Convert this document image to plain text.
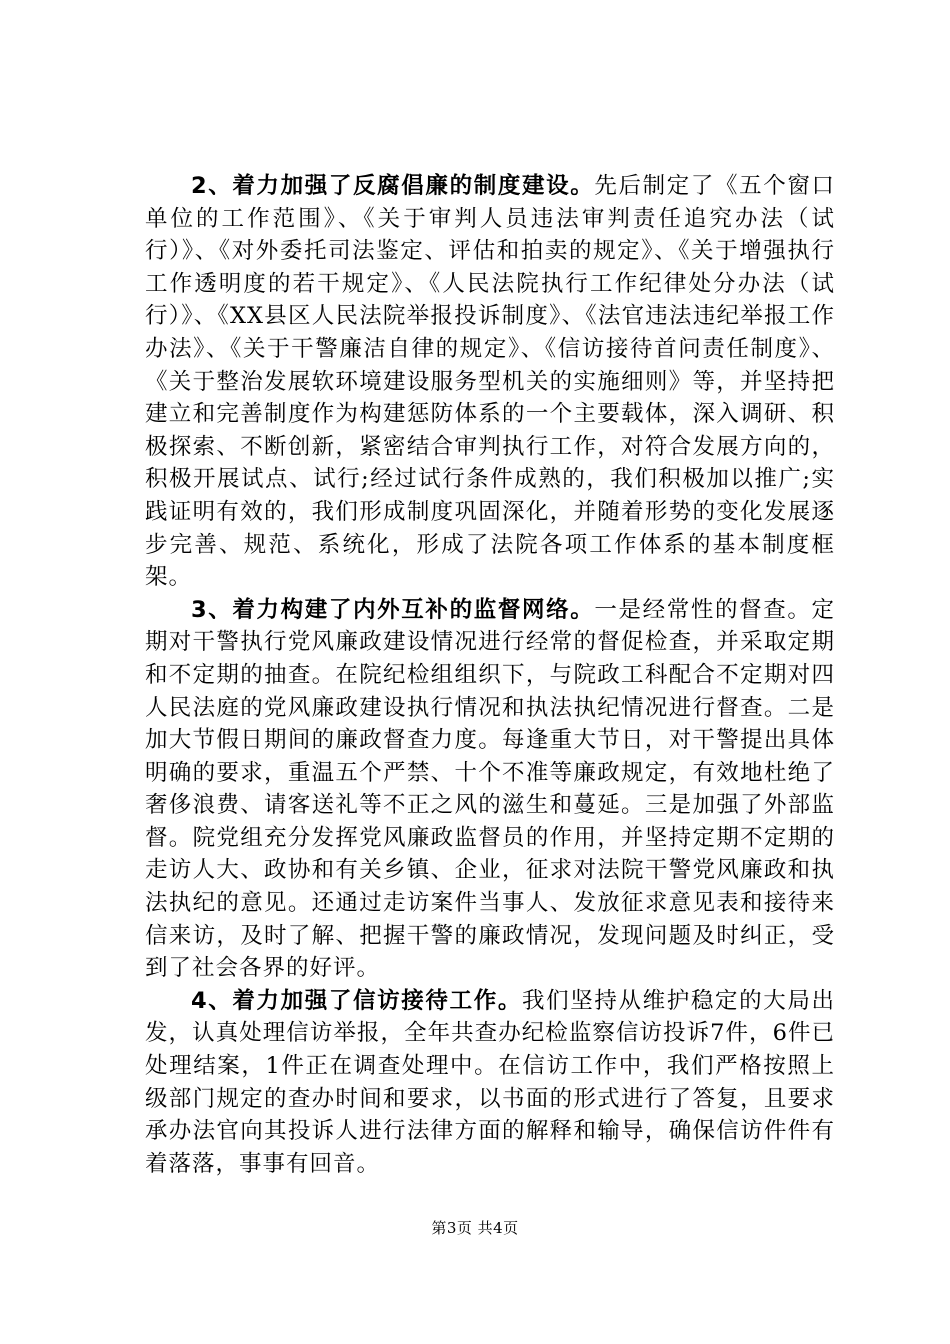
2、着力加强了反腐倡廉的制度建设。先后制定了《五个窗口单位的工作范围》、《关于审判人员违法审判责任追究办法（试行）》、《对外委托司法鉴定、评估和拍卖的规定》、《关于增强执行工作透明度的若干规定》、《人民法院执行工作纪律处分办法（试行）》、《XX县区人民法院举报投诉制度》、《法官违法违纪举报工作办法》、《关于干警廉洁自律的规定》、《信访接待首问责任制度》、《关于整治发展软环境建设服务型机关的实施细则》等，并坚持把建立和完善制度作为构建惩防体系的一个主要载体，深入调研、积极探索、不断创新，紧密结合审判执行工作，对符合发展方向的，积极开展试点、试行;经过试行条件成熟的，我们积极加以推广;实践证明有效的，我们形成制度巩固深化，并随着形势的变化发展逐步完善、规范、系统化，形成了法院各项工作体系的基本制度框架。

3、着力构建了内外互补的监督网络。一是经常性的督查。定期对干警执行党风廉政建设情况进行经常的督促检查，并采取定期和不定期的抽查。在院纪检组组织下，与院政工科配合不定期对四人民法庭的党风廉政建设执行情况和执法执纪情况进行督查。二是加大节假日期间的廉政督查力度。每逢重大节日，对干警提出具体明确的要求，重温五个严禁、十个不准等廉政规定，有效地杜绝了奢侈浪费、请客送礼等不正之风的滋生和蔓延。三是加强了外部监督。院党组充分发挥党风廉政监督员的作用，并坚持定期不定期的走访人大、政协和有关乡镇、企业，征求对法院干警党风廉政和执法执纪的意见。还通过走访案件当事人、发放征求意见表和接待来信来访，及时了解、把握干警的廉政情况，发现问题及时纠正，受到了社会各界的好评。

4、着力加强了信访接待工作。我们坚持从维护稳定的大局出发，认真处理信访举报，全年共查办纪检监察信访投诉7件，6件已处理结案，1件正在调查处理中。在信访工作中，我们严格按照上级部门规定的查办时间和要求，以书面的形式进行了答复，且要求承办法官向其投诉人进行法律方面的解释和输导，确保信访件件有着落落，事事有回音。

第3页 共4页
